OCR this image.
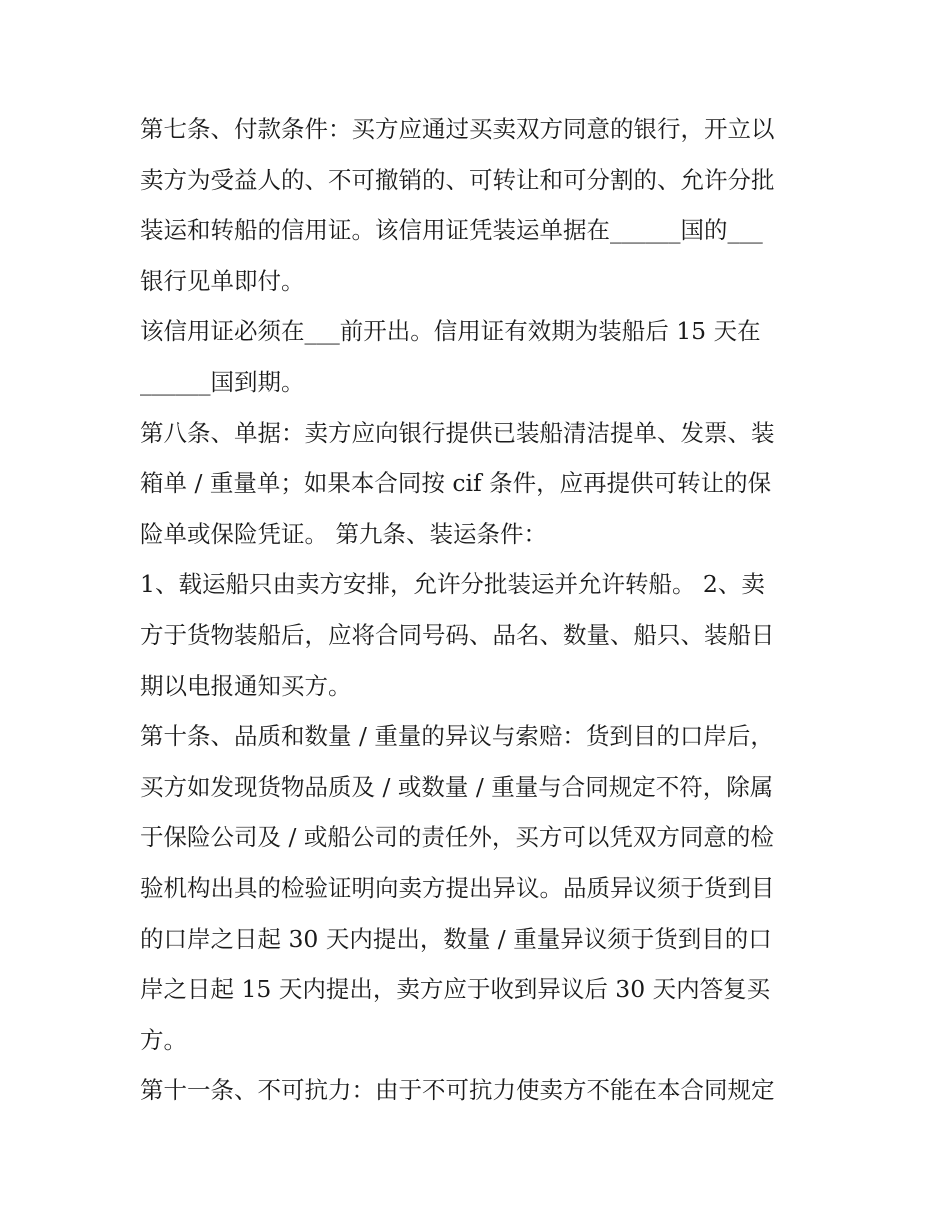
第七条、付款条件：买方应通过买卖双方同意的银行，开立以
卖方为受益人的、不可撤销的、可转让和可分割的、允许分批
装运和转船的信用证。该信用证凭装运单据在______国的___
银行见单即付。
该信用证必须在___前开出。信用证有效期为装船后 15 天在
______国到期。
第八条、单据：卖方应向银行提供已装船清洁提单、发票、装
箱单 / 重量单；如果本合同按 cif 条件，应再提供可转让的保
险单或保险凭证。 第九条、装运条件：
1、载运船只由卖方安排，允许分批装运并允许转船。 2、卖
方于货物装船后，应将合同号码、品名、数量、船只、装船日
期以电报通知买方。
第十条、品质和数量 / 重量的异议与索赔：货到目的口岸后，
买方如发现货物品质及 / 或数量 / 重量与合同规定不符，除属
于保险公司及 / 或船公司的责任外，买方可以凭双方同意的检
验机构出具的检验证明向卖方提出异议。品质异议须于货到目
的口岸之日起 30 天内提出，数量 / 重量异议须于货到目的口
岸之日起 15 天内提出，卖方应于收到异议后 30 天内答复买
方。
第十一条、不可抗力：由于不可抗力使卖方不能在本合同规定
